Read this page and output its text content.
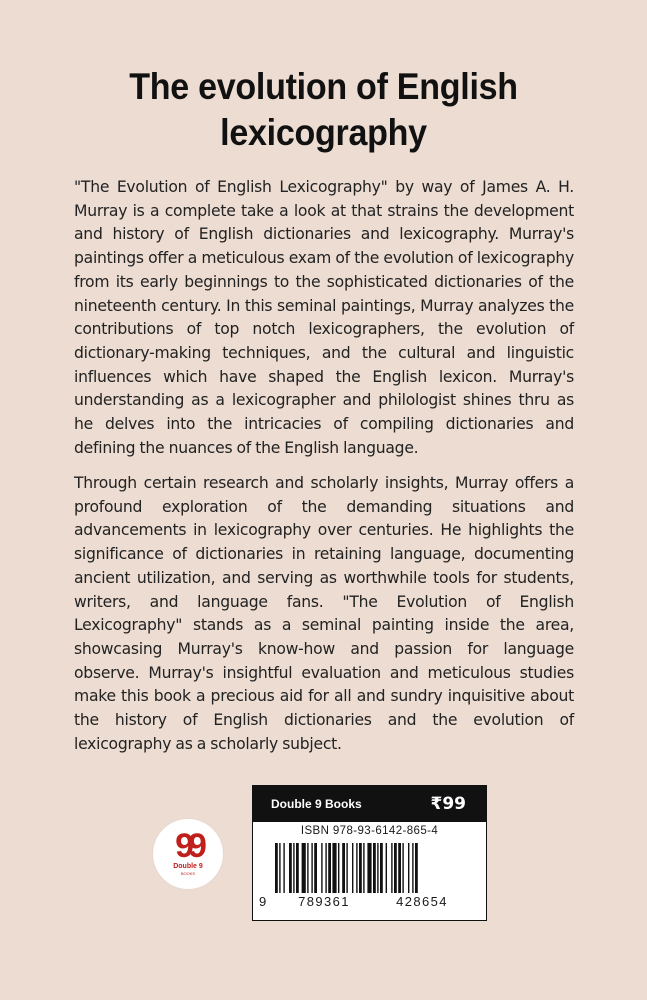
The evolution of English
lexicography

"The Evolution of English Lexicography" by way of James A. H. Murray is a complete take a look at that strains the development and history of English dictionaries and lexicography. Murray's paintings offer a meticulous exam of the evolution of lexicography from its early beginnings to the sophisticated dictionaries of the nineteenth century. In this seminal paintings, Murray analyzes the contributions of top notch lexicographers, the evolution of dictionary-making techniques, and the cultural and linguistic influences which have shaped the English lexicon. Murray's understanding as a lexicographer and philologist shines thru as he delves into the intricacies of compiling dictionaries and defining the nuances of the English language.

Through certain research and scholarly insights, Murray offers a profound exploration of the demanding situations and advancements in lexicography over centuries. He highlights the significance of dictionaries in retaining language, documenting ancient utilization, and serving as worthwhile tools for students, writers, and language fans. "The Evolution of English Lexicography" stands as a seminal painting inside the area, showcasing Murray's know-how and passion for language observe. Murray's insightful evaluation and meticulous studies make this book a precious aid for all and sundry inquisitive about the history of English dictionaries and the evolution of lexicography as a scholarly subject.

99
Double 9
BOOKS
Double 9 Books	₹99
ISBN 978-93-6142-865-4
9	789361	428654
